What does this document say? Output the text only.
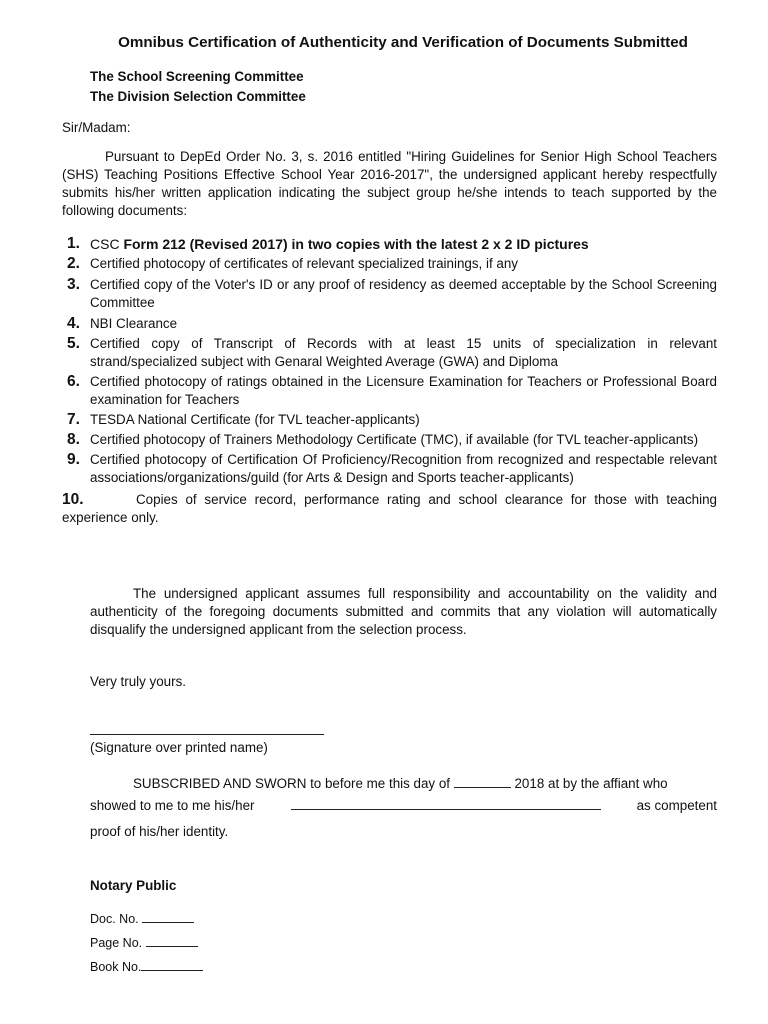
Omnibus Certification of Authenticity and Verification of Documents Submitted
The School Screening Committee
The Division Selection Committee
Sir/Madam:
Pursuant to DepEd Order No. 3, s. 2016 entitled "Hiring Guidelines for Senior High School Teachers (SHS) Teaching Positions Effective School Year 2016-2017", the undersigned applicant hereby respectfully submits his/her written application indicating the subject group he/she intends to teach supported by the following documents:
1. CSC Form 212 (Revised 2017) in two copies with the latest 2 x 2 ID pictures
2. Certified photocopy of certificates of relevant specialized trainings, if any
3. Certified copy of the Voter's ID or any proof of residency as deemed acceptable by the School Screening Committee
4. NBI Clearance
5. Certified copy of Transcript of Records with at least 15 units of specialization in relevant strand/specialized subject with Genaral Weighted Average (GWA) and Diploma
6. Certified photocopy of ratings obtained in the Licensure Examination for Teachers or Professional Board examination for Teachers
7. TESDA National Certificate (for TVL teacher-applicants)
8. Certified photocopy of Trainers Methodology Certificate (TMC), if available (for TVL teacher-applicants)
9. Certified photocopy of Certification Of Proficiency/Recognition from recognized and respectable relevant associations/organizations/guild (for Arts & Design and Sports teacher-applicants)
10.	Copies of service record, performance rating and school clearance for those with teaching experience only.
The undersigned applicant assumes full responsibility and accountability on the validity and authenticity of the foregoing documents submitted and commits that any violation will automatically disqualify the undersigned applicant from the selection process.
Very truly yours.
(Signature over printed name)
SUBSCRIBED AND SWORN to before me this day of	2018 at by the affiant who
showed to me to me his/her	as competent
proof of his/her identity.
Notary Public
Doc. No.
Page No.
Book No.
